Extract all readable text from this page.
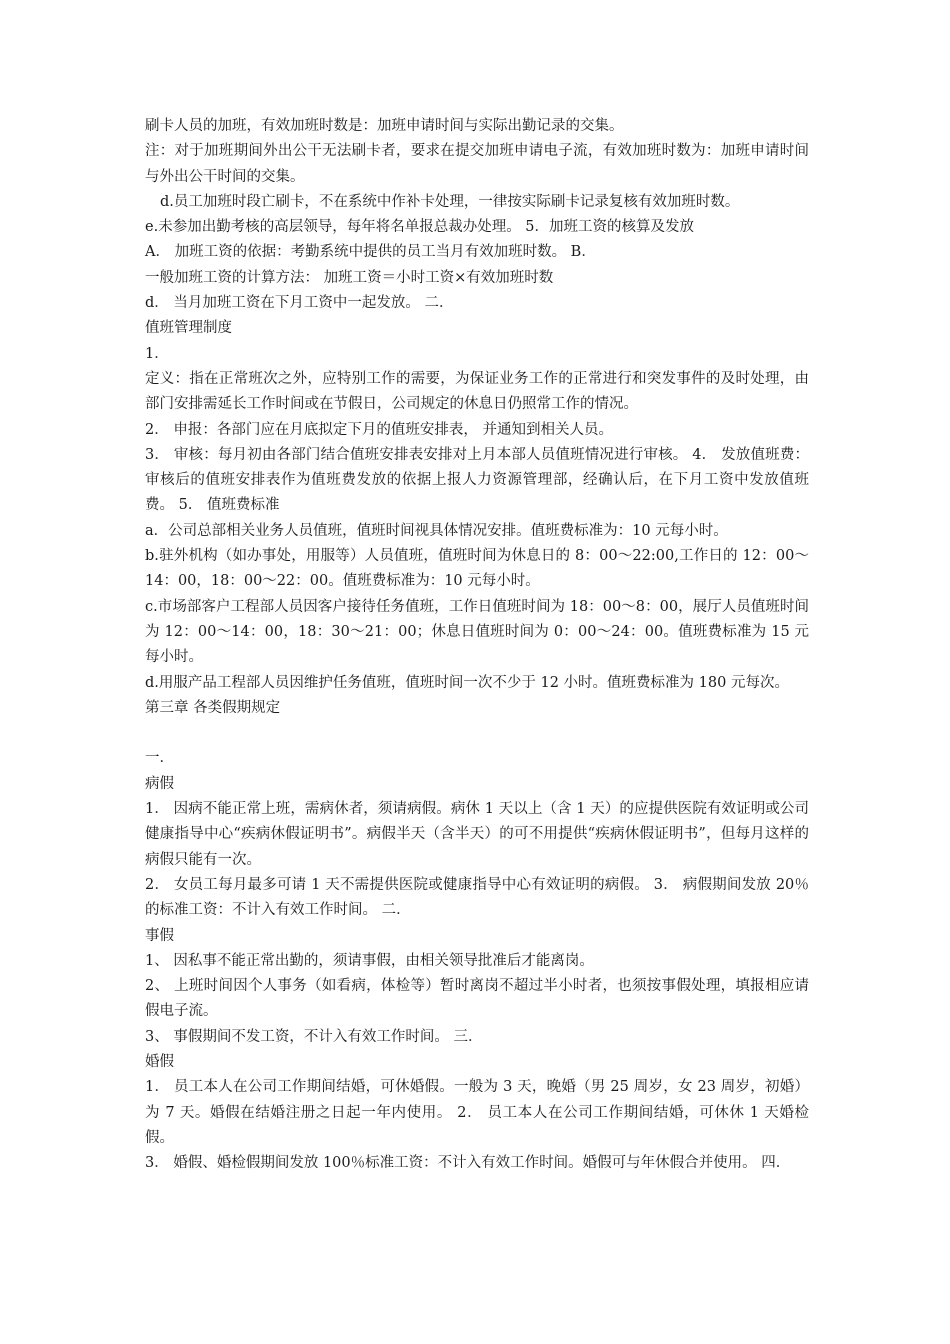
刷卡人员的加班，有效加班时数是：加班申请时间与实际出勤记录的交集。

注：对于加班期间外出公干无法刷卡者，要求在提交加班申请电子流，有效加班时数为：加班申请时间与外出公干时间的交集。

d.员工加班时段亡刷卡，不在系统中作补卡处理，一律按实际刷卡记录复核有效加班时数。

e.未参加出勤考核的高层领导，每年将名单报总裁办处理。 5．加班工资的核算及发放

A． 加班工资的依据：考勤系统中提供的员工当月有效加班时数。 B．

一般加班工资的计算方法： 加班工资＝小时工资×有效加班时数

d． 当月加班工资在下月工资中一起发放。 二．

值班管理制度

1．

定义：指在正常班次之外，应特别工作的需要，为保证业务工作的正常进行和突发事件的及时处理，由部门安排需延长工作时间或在节假日，公司规定的休息日仍照常工作的情况。

2． 申报：各部门应在月底拟定下月的值班安排表， 并通知到相关人员。

3． 审核：每月初由各部门结合值班安排表安排对上月本部人员值班情况进行审核。 4． 发放值班费：审核后的值班安排表作为值班费发放的依据上报人力资源管理部，经确认后，在下月工资中发放值班费。 5． 值班费标准

a．公司总部相关业务人员值班，值班时间视具体情况安排。值班费标准为：10 元每小时。

b.驻外机构（如办事处，用服等）人员值班，值班时间为休息日的 8：00～22:00,工作日的 12：00～14：00，18：00～22：00。值班费标准为：10 元每小时。

c.市场部客户工程部人员因客户接待任务值班，工作日值班时间为 18：00～8：00，展厅人员值班时间为 12：00～14：00，18：30～21：00；休息日值班时间为 0：00～24：00。值班费标准为 15 元每小时。

d.用服产品工程部人员因维护任务值班，值班时间一次不少于 12 小时。值班费标准为 180 元每次。

第三章 各类假期规定

一．

病假

1． 因病不能正常上班，需病休者，须请病假。病休 1 天以上（含 1 天）的应提供医院有效证明或公司健康指导中心“疾病休假证明书”。病假半天（含半天）的可不用提供“疾病休假证明书”，但每月这样的病假只能有一次。

2． 女员工每月最多可请 1 天不需提供医院或健康指导中心有效证明的病假。 3． 病假期间发放 20％的标准工资：不计入有效工作时间。 二．

事假

1、 因私事不能正常出勤的，须请事假，由相关领导批准后才能离岗。

2、 上班时间因个人事务（如看病，体检等）暂时离岗不超过半小时者，也须按事假处理，填报相应请假电子流。

3、 事假期间不发工资，不计入有效工作时间。 三．

婚假

1． 员工本人在公司工作期间结婚，可休婚假。一般为 3 天，晚婚（男 25 周岁，女 23 周岁，初婚）为 7 天。婚假在结婚注册之日起一年内使用。 2． 员工本人在公司工作期间结婚，可休休 1 天婚检假。

3． 婚假、婚检假期间发放 100％标准工资：不计入有效工作时间。婚假可与年休假合并使用。 四．
